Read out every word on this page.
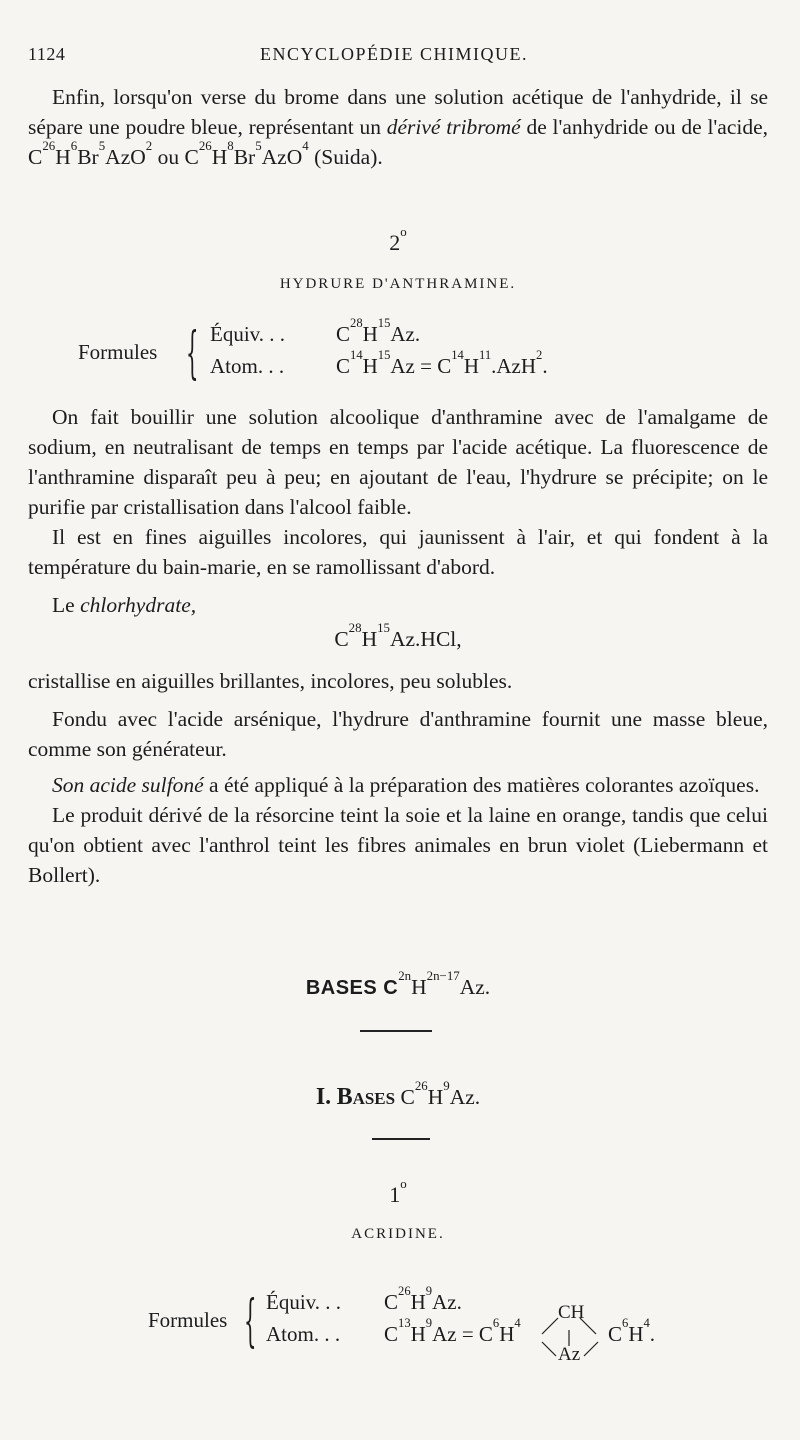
1124	ENCYCLOPÉDIE CHIMIQUE.

Enfin, lorsqu'on verse du brome dans une solution acétique de l'anhydride, il se sépare une poudre bleue, représentant un dérivé tribromé de l'anhydride ou de l'acide, $C^{26}H^6Br^5AzO^2$ ou $C^{26}H^8Br^5AzO^4$ (Suida).

2$^o$
HYDRURE D'ANTHRAMINE.
Formules { Équiv. . . $C^{28}H^{15}Az$.
Atom. . . $C^{14}H^{15}Az = C^{14}H^{11}.AzH^2$.

On fait bouillir une solution alcoolique d'anthramine avec de l'amalgame de sodium, en neutralisant de temps en temps par l'acide acétique. La fluorescence de l'anthramine disparaît peu à peu; en ajoutant de l'eau, l'hydrure se précipite; on le purifie par cristallisation dans l'alcool faible.

Il est en fines aiguilles incolores, qui jaunissent à l'air, et qui fondent à la température du bain-marie, en se ramollissant d'abord.

Le chlorhydrate,

$C^{28}H^{15}Az.HCl$,

cristallise en aiguilles brillantes, incolores, peu solubles.

Fondu avec l'acide arsénique, l'hydrure d'anthramine fournit une masse bleue, comme son générateur.

Son acide sulfoné a été appliqué à la préparation des matières colorantes azoïques.

Le produit dérivé de la résorcine teint la soie et la laine en orange, tandis que celui qu'on obtient avec l'anthrol teint les fibres animales en brun violet (Liebermann et Bollert).

BASES $C^{2n}H^{2n-17}Az$.
I. Bases $C^{26}H^9Az$.
1$^o$
ACRIDINE.
Formules { Équiv. . . $C^{26}H^9Az$.
Atom. . . $C^{13}H^9Az = C^6H^4$ CH
Az
$C^6H^4$.
